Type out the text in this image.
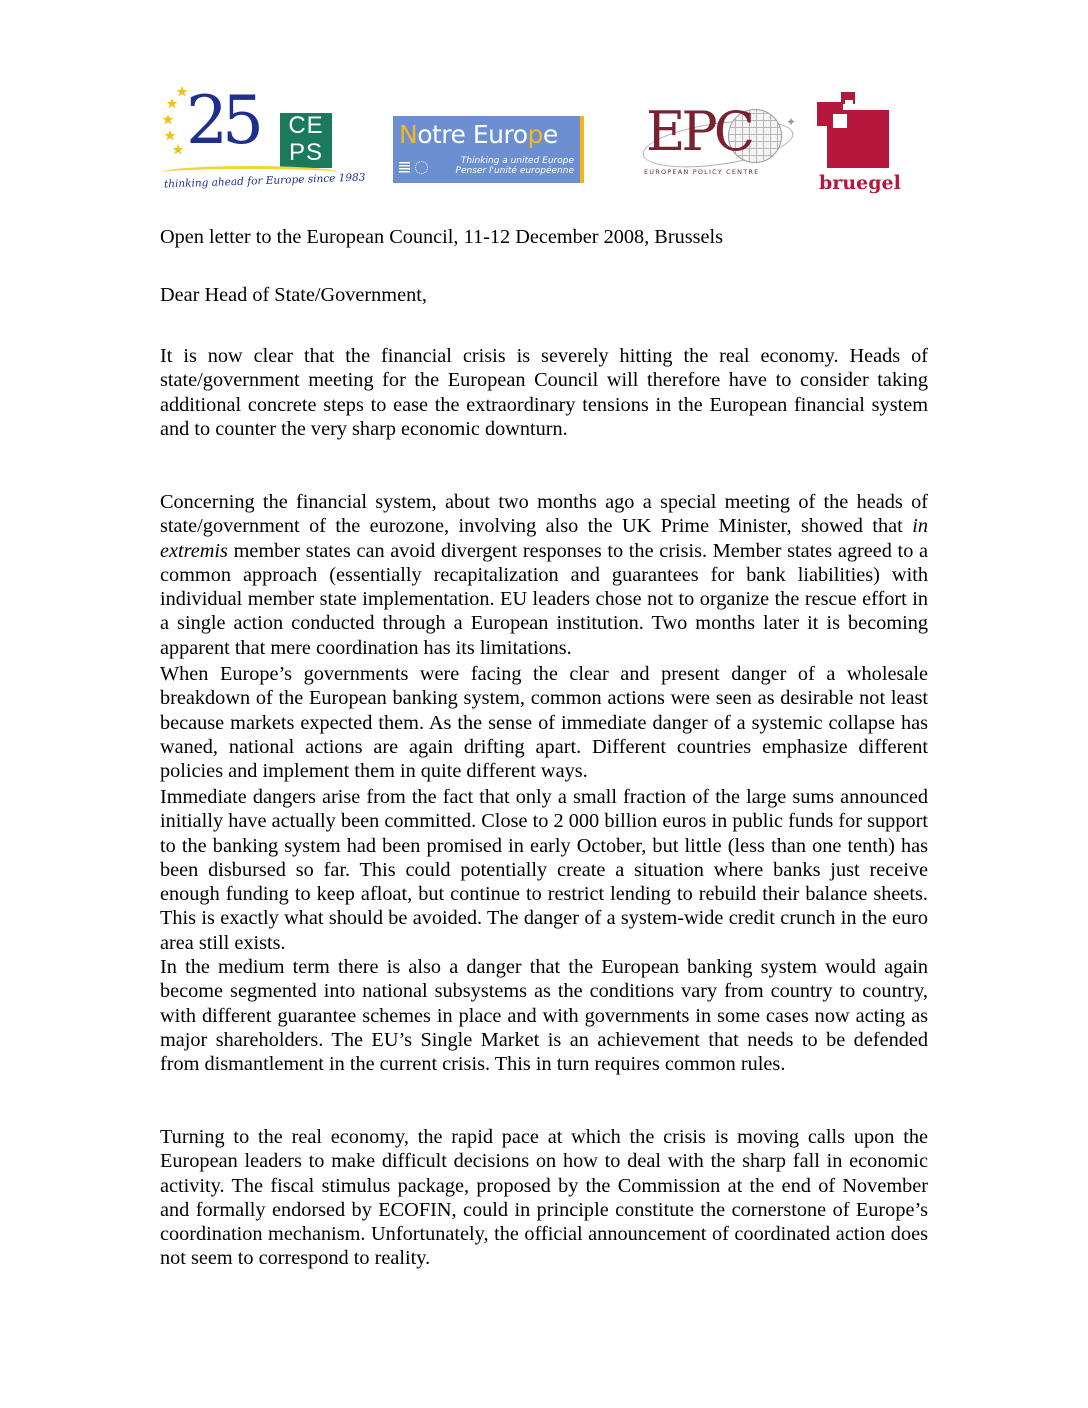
25	CE
PS
thinking ahead for Europe since 1983
Notre Europe
Thinking a united Europe
Penser l'unité européenne
EPC	✦
EUROPEAN POLICY CENTRE	bruegel
Open letter to the European Council, 11-12 December 2008, Brussels
Dear Head of State/Government,

It is now clear that the financial crisis is severely hitting the real economy. Heads of state/government meeting for the European Council will therefore have to consider taking additional concrete steps to ease the extraordinary tensions in the European financial system and to counter the very sharp economic downturn.

Concerning the financial system, about two months ago a special meeting of the heads of state/government of the eurozone, involving also the UK Prime Minister, showed that in extremis member states can avoid divergent responses to the crisis. Member states agreed to a common approach (essentially recapitalization and guarantees for bank liabilities) with individual member state implementation. EU leaders chose not to organize the rescue effort in a single action conducted through a European institution. Two months later it is becoming apparent that mere coordination has its limitations.

When Europe’s governments were facing the clear and present danger of a wholesale breakdown of the European banking system, common actions were seen as desirable not least because markets expected them. As the sense of immediate danger of a systemic collapse has waned, national actions are again drifting apart. Different countries emphasize different policies and implement them in quite different ways.

Immediate dangers arise from the fact that only a small fraction of the large sums announced initially have actually been committed. Close to 2 000 billion euros in public funds for support to the banking system had been promised in early October, but little (less than one tenth) has been disbursed so far. This could potentially create a situation where banks just receive enough funding to keep afloat, but continue to restrict lending to rebuild their balance sheets. This is exactly what should be avoided. The danger of a system-wide credit crunch in the euro area still exists.

In the medium term there is also a danger that the European banking system would again become segmented into national subsystems as the conditions vary from country to country, with different guarantee schemes in place and with governments in some cases now acting as major shareholders. The EU’s Single Market is an achievement that needs to be defended from dismantlement in the current crisis. This in turn requires common rules.

Turning to the real economy, the rapid pace at which the crisis is moving calls upon the European leaders to make difficult decisions on how to deal with the sharp fall in economic activity. The fiscal stimulus package, proposed by the Commission at the end of November and formally endorsed by ECOFIN, could in principle constitute the cornerstone of Europe’s coordination mechanism. Unfortunately, the official announcement of coordinated action does not seem to correspond to reality.
